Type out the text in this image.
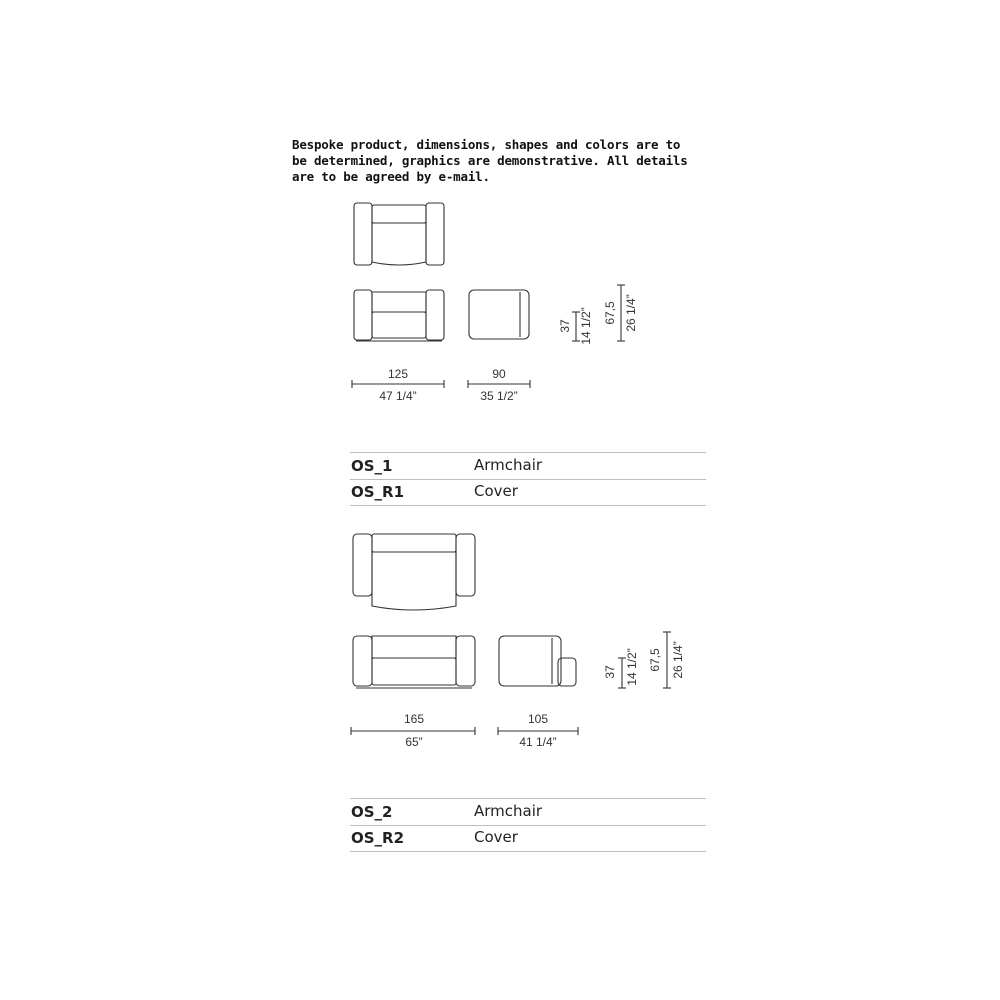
Bespoke product, dimensions, shapes and colors are to
be determined, graphics are demonstrative. All details
are to be agreed by e-mail.
125
47 1/4”
90
35 1/2”
37 14 1/2” 67,5 26 1/4”
165
65”
105
41 1/4”
37 14 1/2” 67,5 26 1/4”
OS_1	Armchair
OS_R1	Cover
OS_2	Armchair
OS_R2	Cover
